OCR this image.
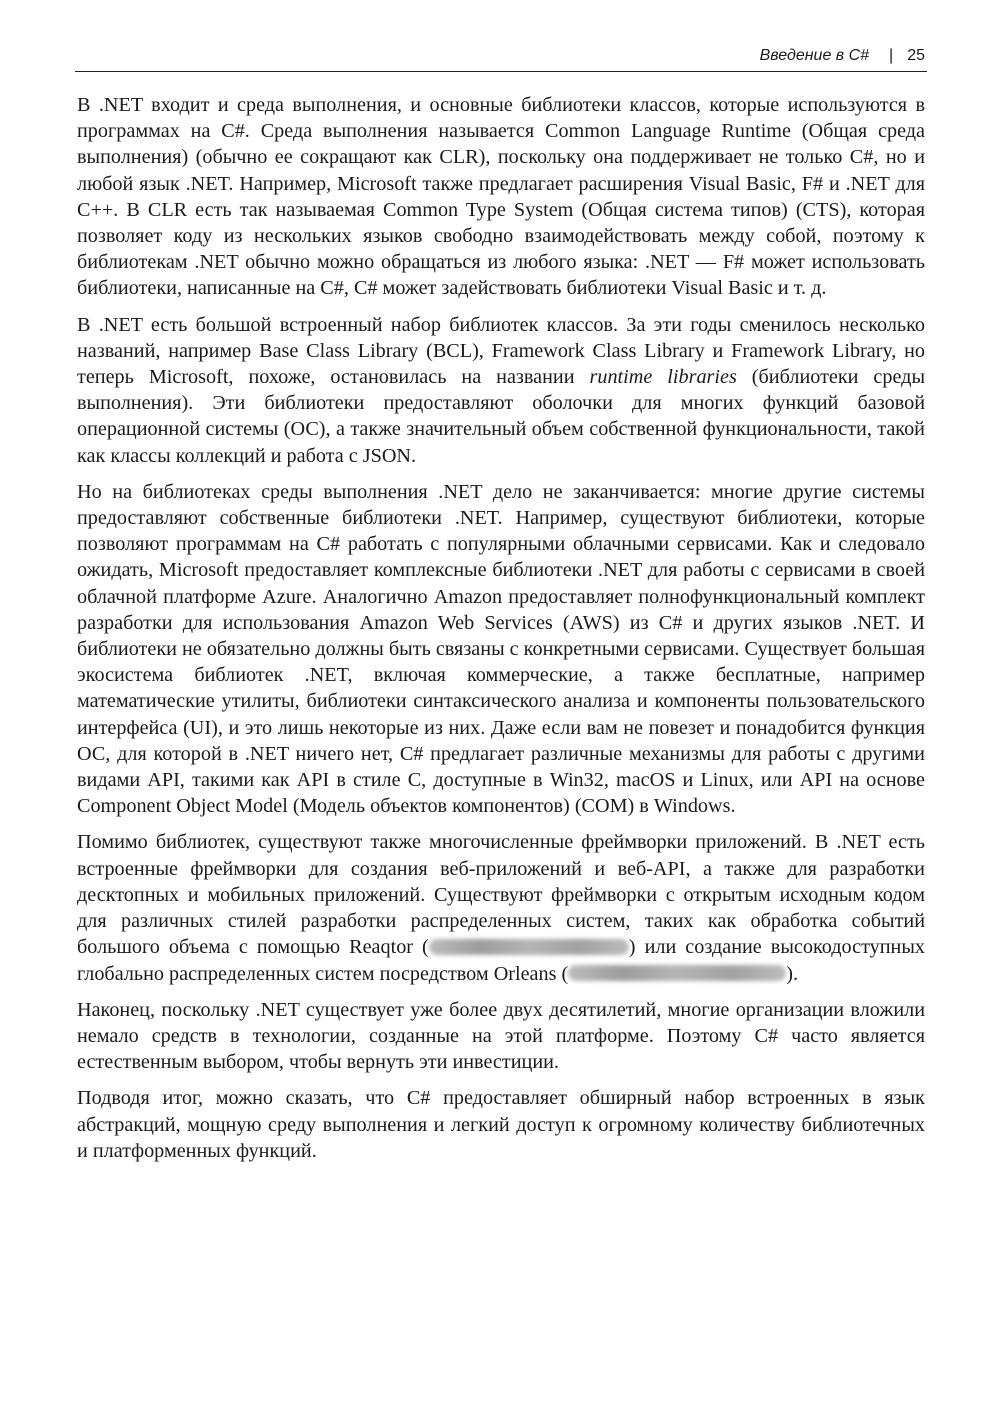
Введение в C# | 25

В .NET входит и среда выполнения, и основные библиотеки классов, которые используются в программах на C#. Среда выполнения называется Common Language Runtime (Общая среда выполнения) (обычно ее сокращают как CLR), поскольку она поддерживает не только C#, но и любой язык .NET. Например, Microsoft также предлагает расширения Visual Basic, F# и .NET для C++. В CLR есть так называемая Common Type System (Общая система типов) (CTS), которая позволяет коду из нескольких языков свободно взаимодействовать между собой, поэтому к библиотекам .NET обычно можно обращаться из любого языка: .NET — F# может использовать библиотеки, написанные на C#, C# может задействовать библиотеки Visual Basic и т. д.

В .NET есть большой встроенный набор библиотек классов. За эти годы сменилось несколько названий, например Base Class Library (BCL), Framework Class Library и Framework Library, но теперь Microsoft, похоже, остановилась на названии runtime libraries (библиотеки среды выполнения). Эти библиотеки предоставляют оболочки для многих функций базовой операционной системы (ОС), а также значительный объем собственной функциональности, такой как классы коллекций и работа с JSON.

Но на библиотеках среды выполнения .NET дело не заканчивается: многие другие системы предоставляют собственные библиотеки .NET. Например, существуют библиотеки, которые позволяют программам на C# работать с популярными облачными сервисами. Как и следовало ожидать, Microsoft предоставляет комплексные библиотеки .NET для работы с сервисами в своей облачной платформе Azure. Аналогично Amazon предоставляет полнофункциональный комплект разработки для использования Amazon Web Services (AWS) из C# и других языков .NET. И библиотеки не обязательно должны быть связаны с конкретными сервисами. Существует большая экосистема библиотек .NET, включая коммерческие, а также бесплатные, например математические утилиты, библиотеки синтаксического анализа и компоненты пользовательского интерфейса (UI), и это лишь некоторые из них. Даже если вам не повезет и понадобится функция ОС, для которой в .NET ничего нет, C# предлагает различные механизмы для работы с другими видами API, такими как API в стиле C, доступные в Win32, macOS и Linux, или API на основе Component Object Model (Модель объектов компонентов) (COM) в Windows.

Помимо библиотек, существуют также многочисленные фреймворки приложений. В .NET есть встроенные фреймворки для создания веб-приложений и веб-API, а также для разработки десктопных и мобильных приложений. Существуют фреймворки с открытым исходным кодом для различных стилей разработки распределенных систем, таких как обработка событий большого объема с помощью Reaqtor (	) или создание высокодоступных глобально распределенных систем посредством Orleans (	).

Наконец, поскольку .NET существует уже более двух десятилетий, многие организации вложили немало средств в технологии, созданные на этой платформе. Поэтому C# часто является естественным выбором, чтобы вернуть эти инвестиции.

Подводя итог, можно сказать, что C# предоставляет обширный набор встроенных в язык абстракций, мощную среду выполнения и легкий доступ к огромному количеству библиотечных и платформенных функций.
